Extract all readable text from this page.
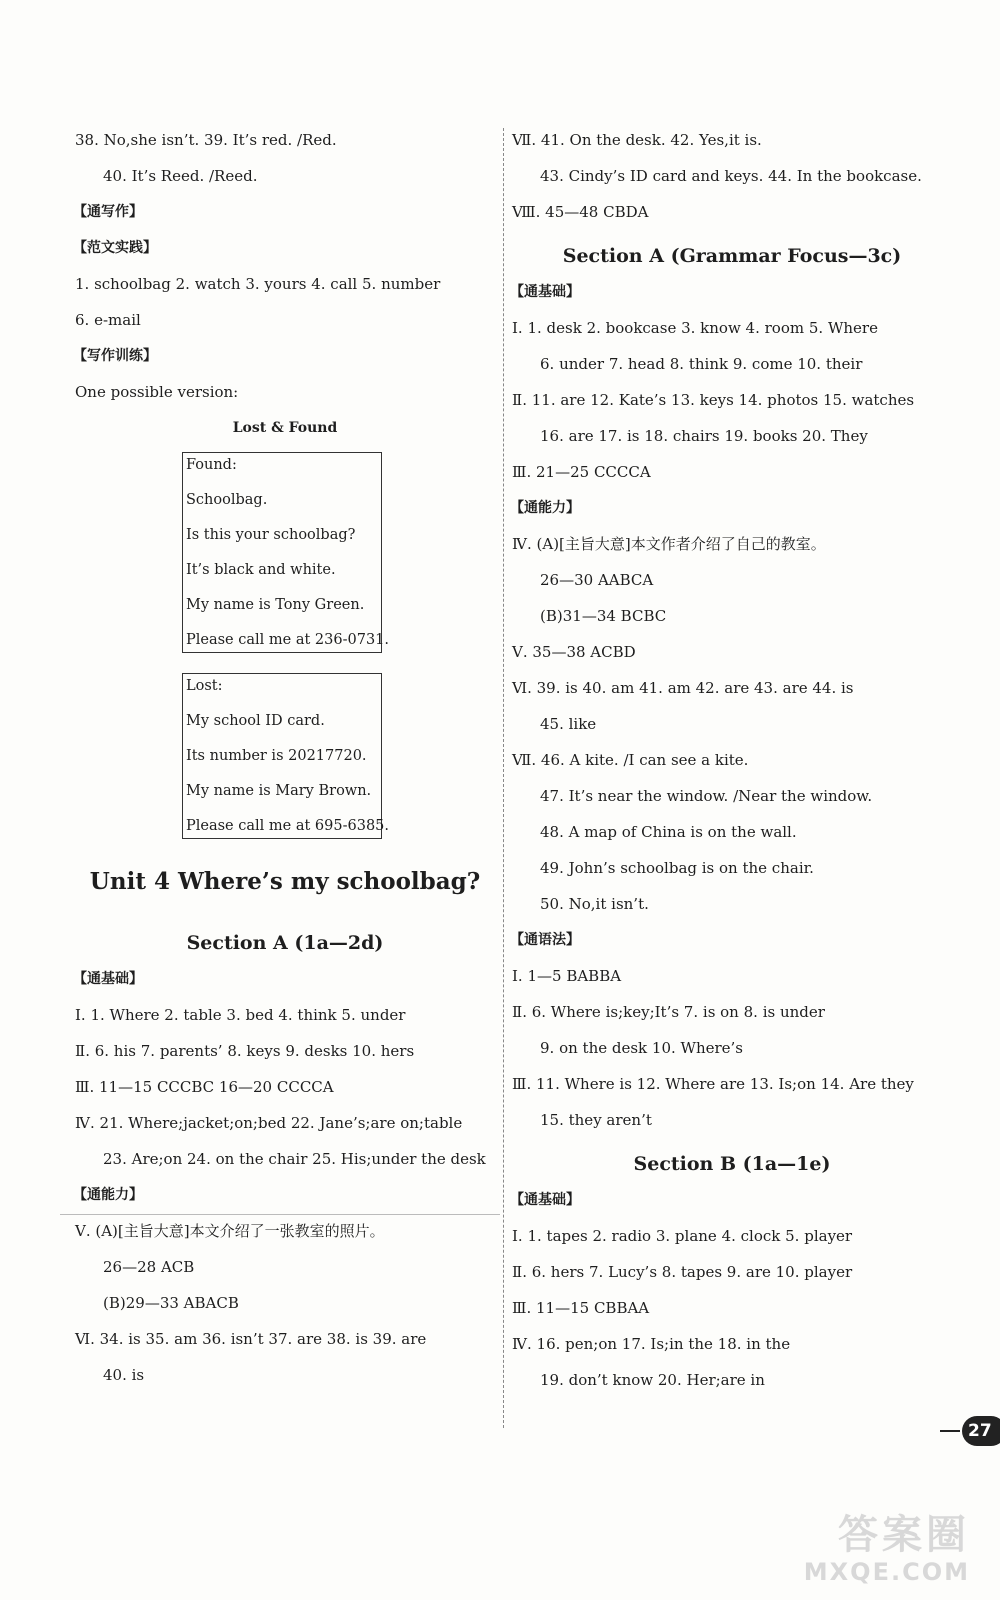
38. No,she isn’t. 39. It’s red. /Red.
40. It’s Reed. /Reed.
【通写作】
【范文实践】
1. schoolbag 2. watch 3. yours 4. call 5. number
6. e-mail
【写作训练】
One possible version:
Lost & Found
Found:
Schoolbag.
Is this your schoolbag?
It’s black and white.
My name is Tony Green.
Please call me at 236-0731.
Lost:
My school ID card.
Its number is 20217720.
My name is Mary Brown.
Please call me at 695-6385.
Unit 4 Where’s my schoolbag?
Section A (1a—2d)
【通基础】
Ⅰ. 1. Where 2. table 3. bed 4. think 5. under
Ⅱ. 6. his 7. parents’ 8. keys 9. desks 10. hers
Ⅲ. 11—15 CCCBC 16—20 CCCCA
Ⅳ. 21. Where;jacket;on;bed 22. Jane’s;are on;table
23. Are;on 24. on the chair 25. His;under the desk
【通能力】
Ⅴ. (A)[主旨大意]本文介绍了一张教室的照片。
26—28 ACB
(B)29—33 ABACB
Ⅵ. 34. is 35. am 36. isn’t 37. are 38. is 39. are
40. is
Ⅶ. 41. On the desk. 42. Yes,it is.
43. Cindy’s ID card and keys. 44. In the bookcase.
Ⅷ. 45—48 CBDA
Section A (Grammar Focus—3c)
【通基础】
Ⅰ. 1. desk 2. bookcase 3. know 4. room 5. Where
6. under 7. head 8. think 9. come 10. their
Ⅱ. 11. are 12. Kate’s 13. keys 14. photos 15. watches
16. are 17. is 18. chairs 19. books 20. They
Ⅲ. 21—25 CCCCA
【通能力】
Ⅳ. (A)[主旨大意]本文作者介绍了自己的教室。
26—30 AABCA
(B)31—34 BCBC
Ⅴ. 35—38 ACBD
Ⅵ. 39. is 40. am 41. am 42. are 43. are 44. is
45. like
Ⅶ. 46. A kite. /I can see a kite.
47. It’s near the window. /Near the window.
48. A map of China is on the wall.
49. John’s schoolbag is on the chair.
50. No,it isn’t.
【通语法】
Ⅰ. 1—5 BABBA
Ⅱ. 6. Where is;key;It’s 7. is on 8. is under
9. on the desk 10. Where’s
Ⅲ. 11. Where is 12. Where are 13. Is;on 14. Are they
15. they aren’t
Section B (1a—1e)
【通基础】
Ⅰ. 1. tapes 2. radio 3. plane 4. clock 5. player
Ⅱ. 6. hers 7. Lucy’s 8. tapes 9. are 10. player
Ⅲ. 11—15 CBBAA
Ⅳ. 16. pen;on 17. Is;in the 18. in the
19. don’t know 20. Her;are in
27
答案圈
MXQE.COM
